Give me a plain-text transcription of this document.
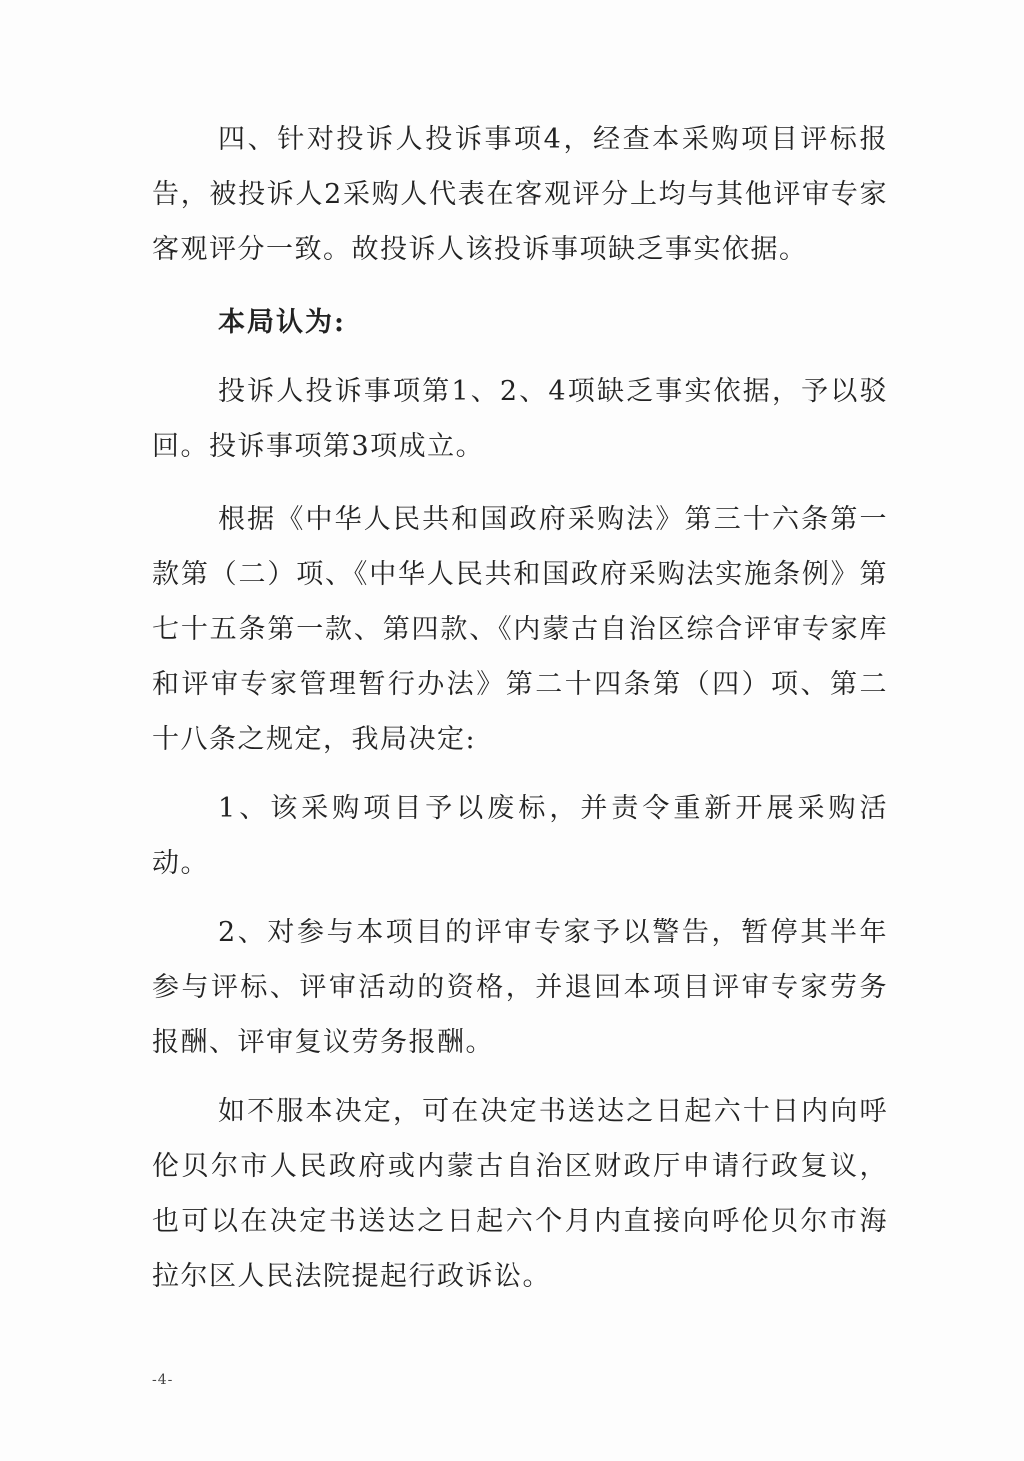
四、针对投诉人投诉事项4，经查本采购项目评标报告，被投诉人2采购人代表在客观评分上均与其他评审专家客观评分一致。故投诉人该投诉事项缺乏事实依据。

本局认为:

投诉人投诉事项第1、2、4项缺乏事实依据，予以驳回。投诉事项第3项成立。

根据《中华人民共和国政府采购法》第三十六条第一款第（二）项、《中华人民共和国政府采购法实施条例》第七十五条第一款、第四款、《内蒙古自治区综合评审专家库和评审专家管理暂行办法》第二十四条第（四）项、第二十八条之规定，我局决定:

1、该采购项目予以废标，并责令重新开展采购活动。

2、对参与本项目的评审专家予以警告，暂停其半年参与评标、评审活动的资格，并退回本项目评审专家劳务报酬、评审复议劳务报酬。

如不服本决定，可在决定书送达之日起六十日内向呼伦贝尔市人民政府或内蒙古自治区财政厅申请行政复议，也可以在决定书送达之日起六个月内直接向呼伦贝尔市海拉尔区人民法院提起行政诉讼。

-4-
